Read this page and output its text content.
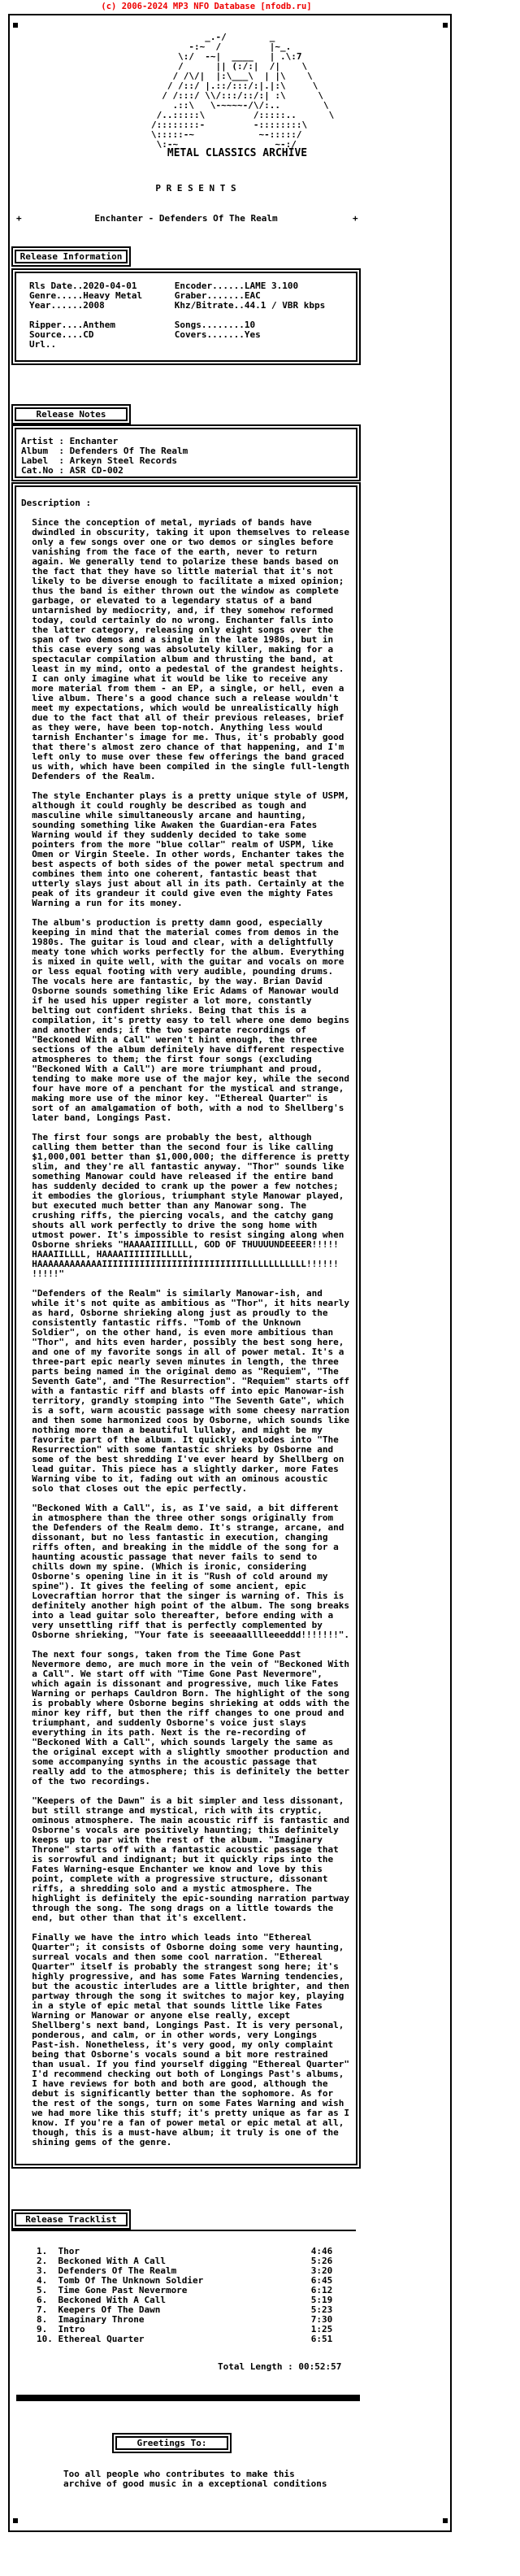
(c) 2006-2024 MP3 NFO Database [nfodb.ru]
_.-/        _
-:~  /         |~_.
\:/  -~|  ____   | .\:7
/      || (:/:|  /|    \
/ /\/|  |:\___\  | |\    \
/ /::/ |.::/:::/:|.|:\     \
/ /:::/ \\/:::/::/:| :\      \
.::\   \-~~~~-/\/:..        \
/..:::::\         /:::::..      \
/::::::::-         -::::::::\
\:::::-~            ~-:::::/
\:-~                  ~-:/
METAL CLASSICS ARCHIVE
P R E S E N T S
+	Enchanter - Defenders Of The Realm	+
Release Information
Rls Date..2020-04-01       Encoder......LAME 3.100
Genre.....Heavy Metal      Graber.......EAC
Year......2008             Khz/Bitrate..44.1 / VBR kbps

Ripper....Anthem           Songs........10
Source....CD               Covers.......Yes
Url..
Release Notes
Artist : Enchanter
Album  : Defenders Of The Realm
Label  : Arkeyn Steel Records
Cat.No : ASR CD-002
Description :

Since the conception of metal, myriads of bands have
dwindled in obscurity, taking it upon themselves to release
only a few songs over one or two demos or singles before
vanishing from the face of the earth, never to return
again. We generally tend to polarize these bands based on
the fact that they have so little material that it's not
likely to be diverse enough to facilitate a mixed opinion;
thus the band is either thrown out the window as complete
garbage, or elevated to a legendary status of a band
untarnished by mediocrity, and, if they somehow reformed
today, could certainly do no wrong. Enchanter falls into
the latter category, releasing only eight songs over the
span of two demos and a single in the late 1980s, but in
this case every song was absolutely killer, making for a
spectacular compilation album and thrusting the band, at
least in my mind, onto a pedestal of the grandest heights.
I can only imagine what it would be like to receive any
more material from them - an EP, a single, or hell, even a
live album. There's a good chance such a release wouldn't
meet my expectations, which would be unrealistically high
due to the fact that all of their previous releases, brief
as they were, have been top-notch. Anything less would
tarnish Enchanter's image for me. Thus, it's probably good
that there's almost zero chance of that happening, and I'm
left only to muse over these few offerings the band graced
us with, which have been compiled in the single full-length
Defenders of the Realm.

The style Enchanter plays is a pretty unique style of USPM,
although it could roughly be described as tough and
masculine while simultaneously arcane and haunting,
sounding something like Awaken the Guardian-era Fates
Warning would if they suddenly decided to take some
pointers from the more "blue collar" realm of USPM, like
Omen or Virgin Steele. In other words, Enchanter takes the
best aspects of both sides of the power metal spectrum and
combines them into one coherent, fantastic beast that
utterly slays just about all in its path. Certainly at the
peak of its grandeur it could give even the mighty Fates
Warning a run for its money.

The album's production is pretty damn good, especially
keeping in mind that the material comes from demos in the
1980s. The guitar is loud and clear, with a delightfully
meaty tone which works perfectly for the album. Everything
is mixed in quite well, with the guitar and vocals on more
or less equal footing with very audible, pounding drums.
The vocals here are fantastic, by the way. Brian David
Osborne sounds something like Eric Adams of Manowar would
if he used his upper register a lot more, constantly
belting out confident shrieks. Being that this is a
compilation, it's pretty easy to tell where one demo begins
and another ends; if the two separate recordings of
"Beckoned With a Call" weren't hint enough, the three
sections of the album definitely have different respective
atmospheres to them; the first four songs (excluding
"Beckoned With a Call") are more triumphant and proud,
tending to make more use of the major key, while the second
four have more of a penchant for the mystical and strange,
making more use of the minor key. "Ethereal Quarter" is
sort of an amalgamation of both, with a nod to Shellberg's
later band, Longings Past.

The first four songs are probably the best, although
calling them better than the second four is like calling
$1,000,001 better than $1,000,000; the difference is pretty
slim, and they're all fantastic anyway. "Thor" sounds like
something Manowar could have released if the entire band
has suddenly decided to crank up the power a few notches;
it embodies the glorious, triumphant style Manowar played,
but executed much better than any Manowar song. The
crushing riffs, the piercing vocals, and the catchy gang
shouts all work perfectly to drive the song home with
utmost power. It's impossible to resist singing along when
Osborne shrieks "HAAAAIIIILLLL, GOD OF THUUUUNDEEEER!!!!!
HAAAIILLLL, HAAAAIIIIIIILLLLL,
HAAAAAAAAAAAAIIIIIIIIIIIIIIIIIIIIIIIIIIILLLLLLLLLLL!!!!!!
!!!!!"

"Defenders of the Realm" is similarly Manowar-ish, and
while it's not quite as ambitious as "Thor", it hits nearly
as hard, Osborne shrieking along just as proudly to the
consistently fantastic riffs. "Tomb of the Unknown
Soldier", on the other hand, is even more ambitious than
"Thor", and hits even harder, possibly the best song here,
and one of my favorite songs in all of power metal. It's a
three-part epic nearly seven minutes in length, the three
parts being named in the original demo as "Requiem", "The
Seventh Gate", and "The Resurrection". "Requiem" starts off
with a fantastic riff and blasts off into epic Manowar-ish
territory, grandly stomping into "The Seventh Gate", which
is a soft, warm acoustic passage with some cheesy narration
and then some harmonized coos by Osborne, which sounds like
nothing more than a beautiful lullaby, and might be my
favorite part of the album. It quickly explodes into "The
Resurrection" with some fantastic shrieks by Osborne and
some of the best shredding I've ever heard by Shellberg on
lead guitar. This piece has a slightly darker, more Fates
Warning vibe to it, fading out with an ominous acoustic
solo that closes out the epic perfectly.

"Beckoned With a Call", is, as I've said, a bit different
in atmosphere than the three other songs originally from
the Defenders of the Realm demo. It's strange, arcane, and
dissonant, but no less fantastic in execution, changing
riffs often, and breaking in the middle of the song for a
haunting acoustic passage that never fails to send to
chills down my spine. (Which is ironic, considering
Osborne's opening line in it is "Rush of cold around my
spine"). It gives the feeling of some ancient, epic
Lovecraftian horror that the singer is warning of. This is
definitely another high point of the album. The song breaks
into a lead guitar solo thereafter, before ending with a
very unsettling riff that is perfectly complemented by
Osborne shrieking, "Your fate is seeeaaalllleeeddd!!!!!!!".

The next four songs, taken from the Time Gone Past
Nevermore demo, are much more in the vein of "Beckoned With
a Call". We start off with "Time Gone Past Nevermore",
which again is dissonant and progressive, much like Fates
Warning or perhaps Cauldron Born. The highlight of the song
is probably where Osborne begins shrieking at odds with the
minor key riff, but then the riff changes to one proud and
triumphant, and suddenly Osborne's voice just slays
everything in its path. Next is the re-recording of
"Beckoned With a Call", which sounds largely the same as
the original except with a slightly smoother production and
some accompanying synths in the acoustic passage that
really add to the atmosphere; this is definitely the better
of the two recordings.

"Keepers of the Dawn" is a bit simpler and less dissonant,
but still strange and mystical, rich with its cryptic,
ominous atmosphere. The main acoustic riff is fantastic and
Osborne's vocals are positively haunting; this definitely
keeps up to par with the rest of the album. "Imaginary
Throne" starts off with a fantastic acoustic passage that
is sorrowful and indignant; but it quickly rips into the
Fates Warning-esque Enchanter we know and love by this
point, complete with a progressive structure, dissonant
riffs, a shredding solo and a mystic atmosphere. The
highlight is definitely the epic-sounding narration partway
through the song. The song drags on a little towards the
end, but other than that it's excellent.

Finally we have the intro which leads into "Ethereal
Quarter"; it consists of Osborne doing some very haunting,
surreal vocals and then some cool narration. "Ethereal
Quarter" itself is probably the strangest song here; it's
highly progressive, and has some Fates Warning tendencies,
but the acoustic interludes are a little brighter, and then
partway through the song it switches to major key, playing
in a style of epic metal that sounds little like Fates
Warning or Manowar or anyone else really, except
Shellberg's next band, Longings Past. It is very personal,
ponderous, and calm, or in other words, very Longings
Past-ish. Nonetheless, it's very good, my only complaint
being that Osborne's vocals sound a bit more restrained
than usual. If you find yourself digging "Ethereal Quarter"
I'd recommend checking out both of Longings Past's albums,
I have reviews for both and both are good, although the
debut is significantly better than the sophomore. As for
the rest of the songs, turn on some Fates Warning and wish
we had more like this stuff; it's pretty unique as far as I
know. If you're a fan of power metal or epic metal at all,
though, this is a must-have album; it truly is one of the
shining gems of the genre.
Release Tracklist
1.  Thor                                           4:46
2.  Beckoned With A Call                           5:26
3.  Defenders Of The Realm                         3:20
4.  Tomb Of The Unknown Soldier                    6:45
5.  Time Gone Past Nevermore                       6:12
6.  Beckoned With A Call                           5:19
7.  Keepers Of The Dawn                            5:23
8.  Imaginary Throne                               7:30
9.  Intro                                          1:25
10. Ethereal Quarter                               6:51
Total Length : 00:52:57
Greetings To:
Too all people who contributes to make this
archive of good music in a exceptional conditions
